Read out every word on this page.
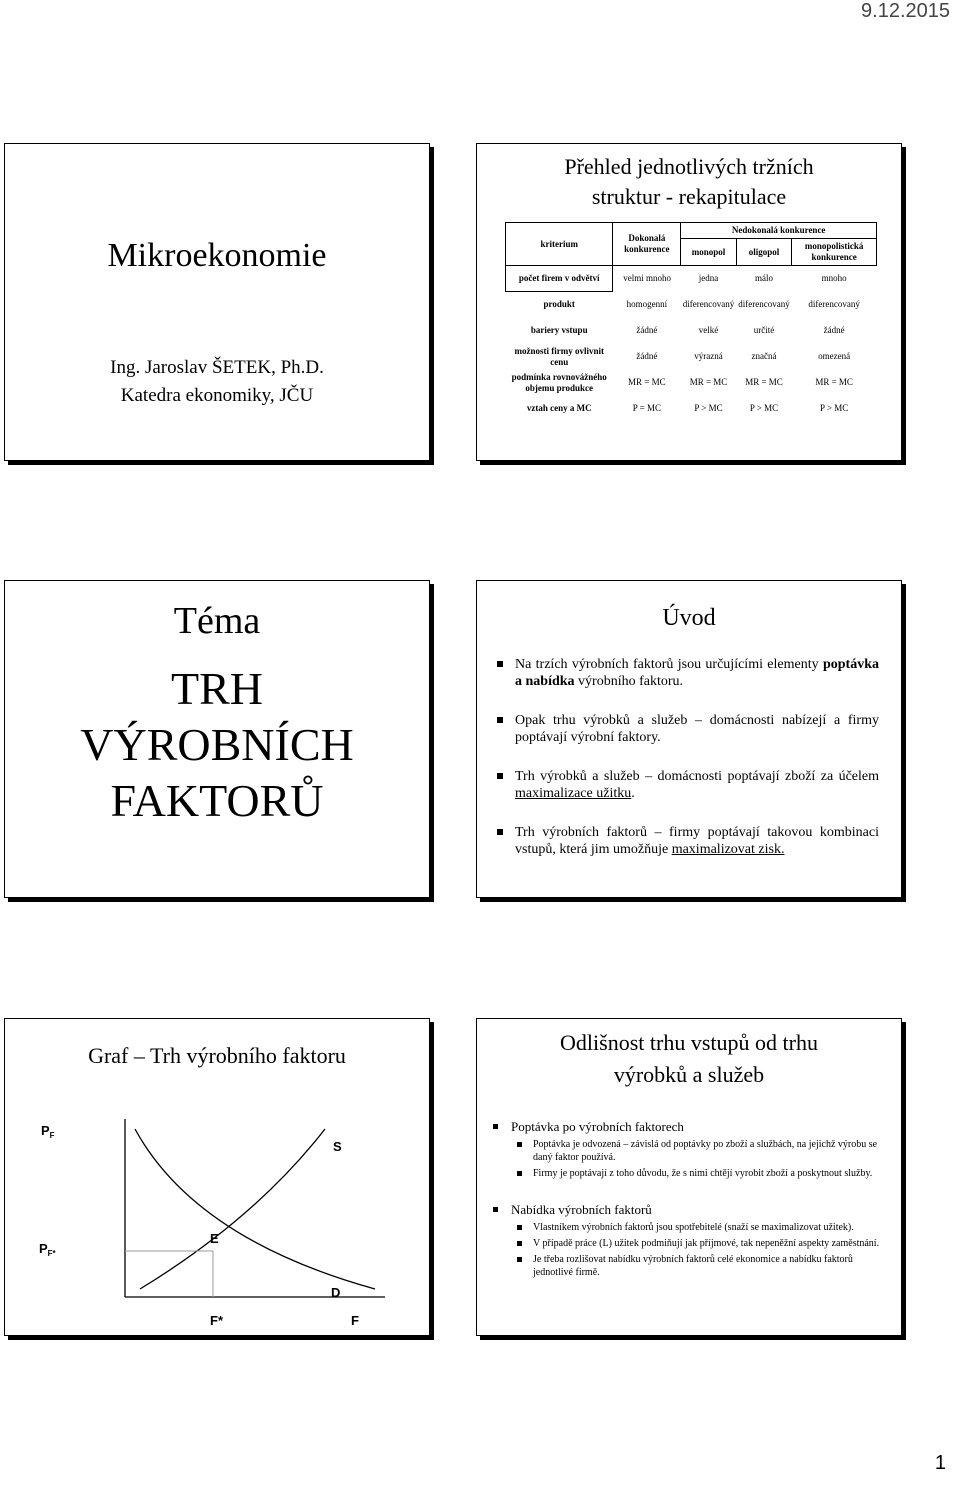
9.12.2015
Mikroekonomie
Ing. Jaroslav ŠETEK, Ph.D.
Katedra ekonomiky, JČU
Přehled jednotlivých tržních
struktur - rekapitulace
kriterium	Dokonalá konkurence	Nedokonalá konkurence		
		monopol	oligopol	monopolistická konkurence
počet firem v odvětví	velmi mnoho	jedna	málo	mnoho
produkt	homogenní	diferencovaný	diferencovaný	diferencovaný
bariery vstupu	žádné	velké	určité	žádné
možnosti firmy ovlivnit cenu	žádné	výrazná	značná	omezená
podmínka rovnovážného objemu produkce	MR = MC	MR = MC	MR = MC	MR = MC
vztah ceny a MC	P = MC	P > MC	P > MC	P > MC
Téma
TRH
VÝROBNÍCH
FAKTORŮ
Úvod
Na trzích výrobních faktorů jsou určujícími elementy poptávka a nabídka výrobního faktoru.
Opak trhu výrobků a služeb – domácnosti nabízejí a firmy poptávají výrobní faktory.
Trh výrobků a služeb – domácnosti poptávají zboží za účelem maximalizace užitku.
Trh výrobních faktorů – firmy poptávají takovou kombinaci vstupů, která jim umožňuje maximalizovat zisk.
Graf – Trh výrobního faktoru
$P_F$
$P_{F*}$
S
E
D
F*	F
Odlišnost trhu vstupů od trhu
výrobků a služeb
Poptávka po výrobních faktorech
Poptávka je odvozená – závislá od poptávky po zboží a službách, na jejichž výrobu se daný faktor používá.
Firmy je poptávají z toho důvodu, že s nimi chtějí vyrobit zboží a poskytnout služby.
Nabídka výrobních faktorů
Vlastníkem výrobních faktorů jsou spotřebitelé (snaží se maximalizovat užitek).
V případě práce (L) užitek podmiňují jak příjmové, tak nepeněžní aspekty zaměstnání.
Je třeba rozlišovat nabídku výrobních faktorů celé ekonomice a nabídku faktorů jednotlivé firmě.
1
